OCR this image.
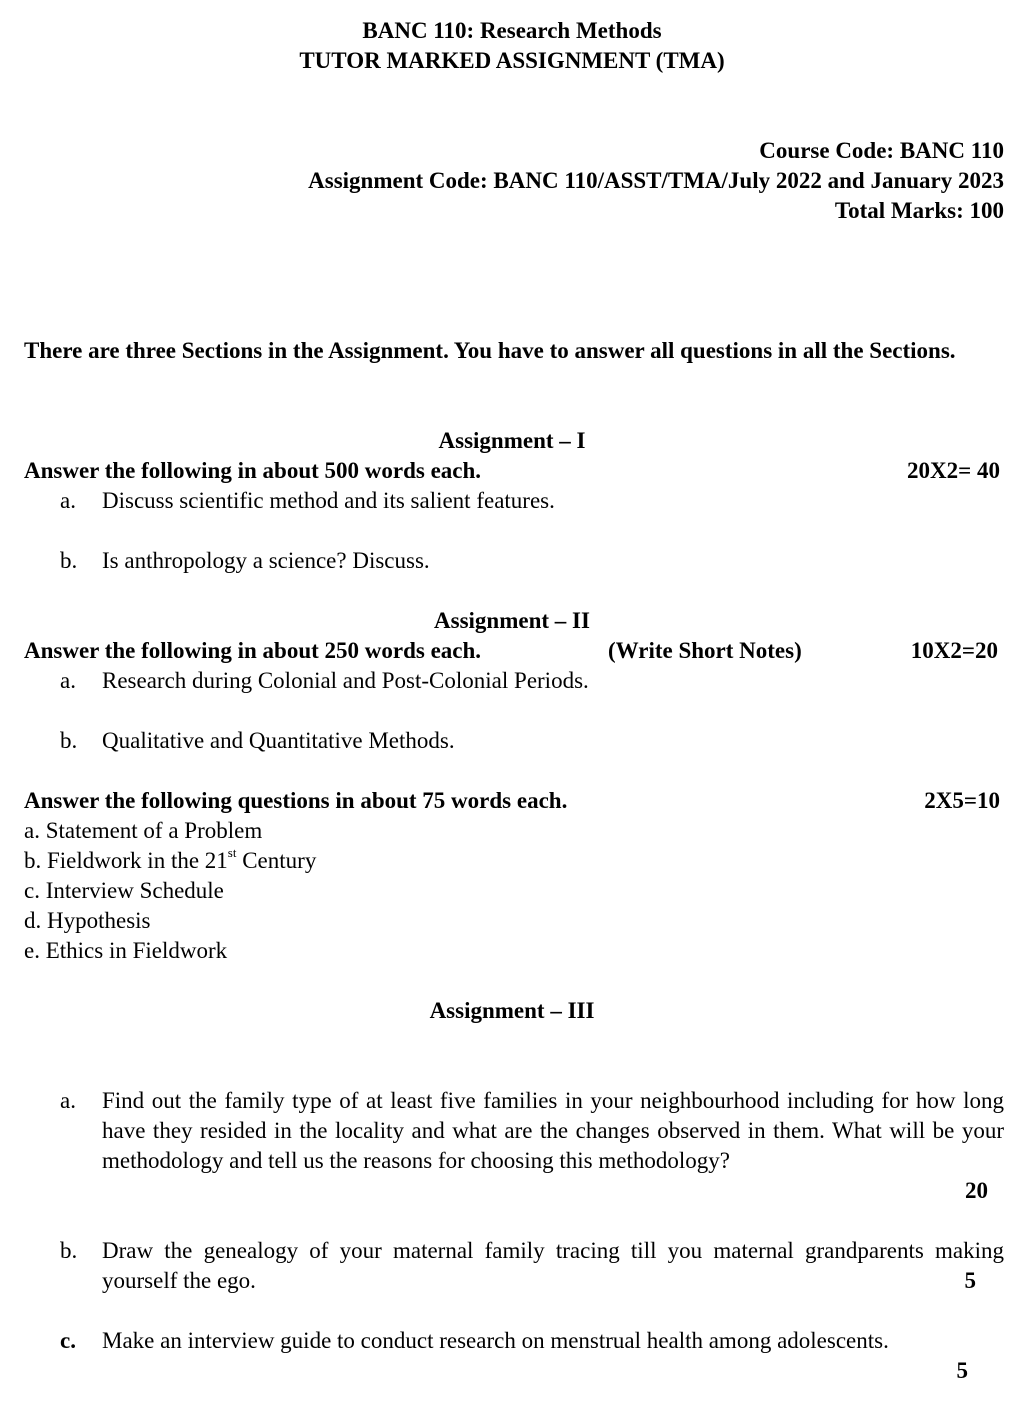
BANC 110: Research Methods
TUTOR MARKED ASSIGNMENT (TMA)
Course Code: BANC 110
Assignment Code: BANC 110/ASST/TMA/July 2022 and January 2023
Total Marks: 100
There are three Sections in the Assignment. You have to answer all questions in all the Sections.
Assignment – I
Answer the following in about 500 words each.	20X2= 40
a. Discuss scientific method and its salient features.
b. Is anthropology a science? Discuss.
Assignment – II
Answer the following in about 250 words each.	(Write Short Notes)	10X2=20
a. Research during Colonial and Post-Colonial Periods.
b. Qualitative and Quantitative Methods.
Answer the following questions in about 75 words each.	2X5=10
a. Statement of a Problem
b. Fieldwork in the 21st Century
c. Interview Schedule
d. Hypothesis
e. Ethics in Fieldwork
Assignment – III
a. Find out the family type of at least five families in your neighbourhood including for how long have they resided in the locality and what are the changes observed in them. What will be your methodology and tell us the reasons for choosing this methodology?
20
b. Draw the genealogy of your maternal family tracing till you maternal grandparents making yourself the ego.	5
c. Make an interview guide to conduct research on menstrual health among adolescents.
5
